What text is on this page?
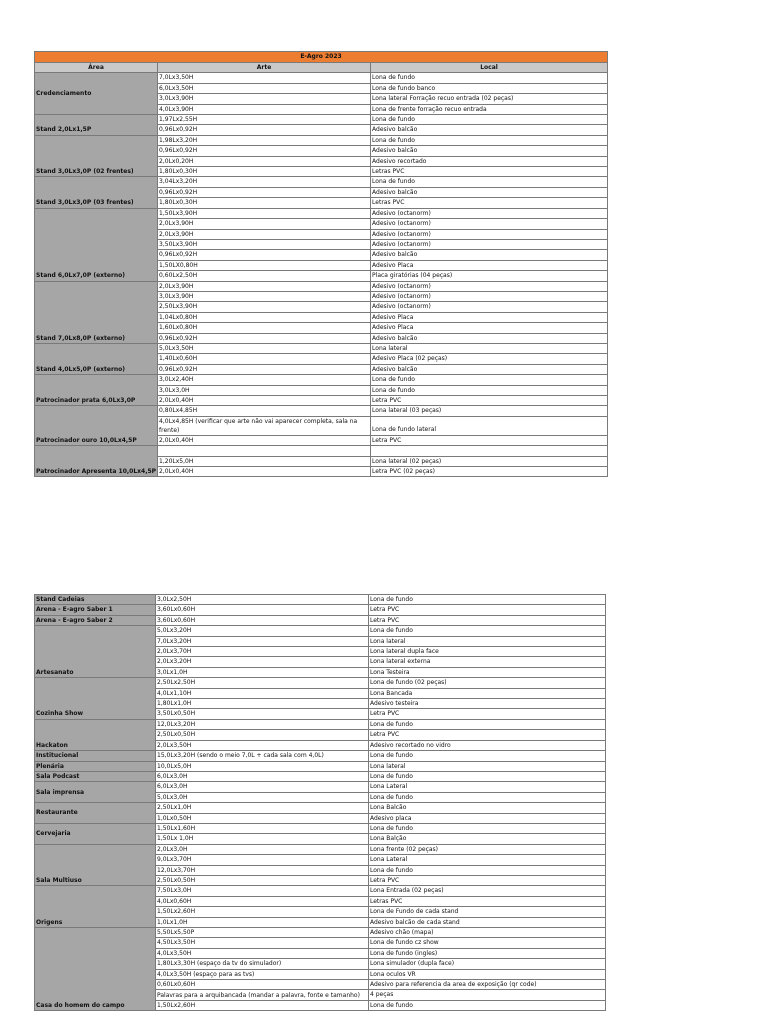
E-Agro 2023		
Área	Arte	Local
Credenciamento	7,0Lx3,50H	Lona de fundo
	6,0Lx3,50H	Lona de fundo banco
	3,0Lx3,90H	Lona lateral Forração recuo entrada (02 peças)
	4,0Lx3,90H	Lona de frente forração recuo entrada
Stand 2,0Lx1,5P	1,97Lx2,55H	Lona de fundo
	0,96Lx0,92H	Adesivo balcão
Stand 3,0Lx3,0P (02 frentes)	1,98Lx3,20H	Lona de fundo
	0,96Lx0,92H	Adesivo balcão
	2,0Lx0,20H	Adesivo recortado
	1,80Lx0,30H	Letras PVC
Stand 3,0Lx3,0P (03 frentes)	3,04Lx3,20H	Lona de fundo
	0,96Lx0,92H	Adesivo balcão
	1,80Lx0,30H	Letras PVC
Stand 6,0Lx7,0P (externo)	1,50Lx3,90H	Adesivo (octanorm)
	2,0Lx3,90H	Adesivo (octanorm)
	2,0Lx3,90H	Adesivo (octanorm)
	3,50Lx3,90H	Adesivo (octanorm)
	0,96Lx0,92H	Adesivo balcão
	1,50LX0,80H	Adesivo Placa
	0,60Lx2,50H	Placa giratórias (04 peças)
Stand 7,0Lx8,0P (externo)	2,0Lx3,90H	Adesivo (octanorm)
	3,0Lx3,90H	Adesivo (octanorm)
	2,50Lx3,90H	Adesivo (octanorm)
	1,04Lx0,80H	Adesivo Placa
	1,60Lx0,80H	Adesivo Placa
	0,96Lx0,92H	Adesivo balcão
Stand 4,0Lx5,0P (externo)	5,0Lx3,50H	Lona lateral
	1,40Lx0,60H	Adesivo Placa (02 peças)
	0,96Lx0,92H	Adesivo balcão
Patrocinador prata 6,0Lx3,0P	3,0Lx2,40H	Lona de fundo
	3,0Lx3,0H	Lona de fundo
	2,0Lx0,40H	Letra PVC
Patrocinador ouro 10,0Lx4,5P	0,80Lx4,85H	Lona lateral (03 peças)
	4,0Lx4,85H (verificar que arte não vai aparecer completa, sala na frente)	Lona de fundo lateral
	2,0Lx0,40H	Letra PVC
Patrocinador Apresenta 10,0Lx4,5P		
	1,20Lx5,0H	Lona lateral (02 peças)
	2,0Lx0,40H	Letra PVC (02 peças)
Stand Cadeias	3,0Lx2,50H	Lona de fundo
Arena - E-agro Saber 1	3,60Lx0,60H	Letra PVC
Arena - E-agro Saber 2	3,60Lx0,60H	Letra PVC
Artesanato	5,0Lx3,20H	Lona de fundo
	7,0Lx3,20H	Lona lateral
	2,0Lx3,70H	Lona lateral dupla face
	2,0Lx3,20H	Lona lateral externa
	3,0Lx1,0H	Lona Testeira
Cozinha Show	2,50Lx2,50H	Lona de fundo (02 peças)
	4,0Lx1,10H	Lona Bancada
	1,80Lx1,0H	Adesivo testeira
	3,50Lx0,50H	Letra PVC
Hackaton	12,0Lx3,20H	Lona de fundo
	2,50Lx0,50H	Letra PVC
	2,0Lx3,50H	Adesivo recortado no vidro
Institucional	15,0Lx3,20H (sendo o meio 7,0L + cada sala com 4,0L)	Lona de fundo
Plenária	10,0Lx5,0H	Lona lateral
Sala Podcast	6,0Lx3,0H	Lona de fundo
Sala imprensa	6,0Lx3,0H	Lona Lateral
	5,0Lx3,0H	Lona de fundo
Restaurante	2,50Lx1,0H	Lona Balcão
	1,0Lx0,50H	Adesivo placa
Cervejaria	1,50Lx1,60H	Lona de fundo
	1,50Lx 1,0H	Lona Balção
Sala Multiuso	2,0Lx3,0H	Lona frente (02 peças)
	9,0Lx3,70H	Lona Lateral
	12,0Lx3,70H	Lona de fundo
	2,50Lx0,50H	Letra PVC
Origens	7,50Lx3,0H	Lona Entrada (02 peças)
	4,0Lx0,60H	Letras PVC
	1,50Lx2,60H	Lona de Fundo de cada stand
	1,0Lx1,0H	Adesivo balcão de cada stand
Casa do homem do campo	5,50Lx5,50P	Adesivo chão (mapa)
	4,50Lx3,50H	Lona de fundo cz show
	4,0Lx3,50H	Lona de fundo (ingles)
	1,80Lx3,30H (espaço da tv do simulador)	Lona simulador (dupla face)
	4,0Lx3,50H (espaço para as tvs)	Lona oculos VR
	0,60Lx0,60H	Adesivo para referencia da area de exposição (qr code)
	Palavras para a arquibancada (mandar a palavra, fonte e tamanho)	4 peças
	1,50Lx2,60H	Lona de fundo
